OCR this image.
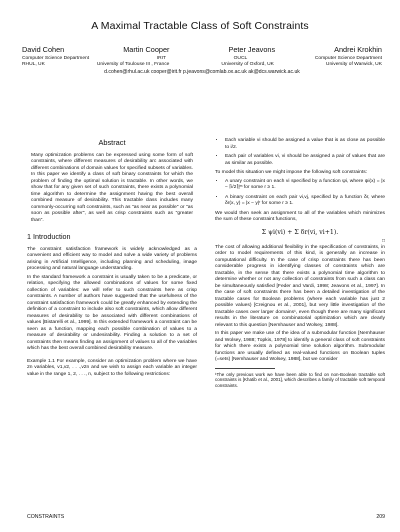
A Maximal Tractable Class of Soft Constraints
David Cohen	Martin Cooper	Peter Jeavons	Andrei Krokhin
Computer Science Department	IRIT	OUCL	Computer Science Department
RHUL, UK	University of Toulouse III , France	University of Oxford, UK	University of Warwick, UK
d.cohen@rhul.ac.uk cooper@irit.fr p.jeavons@comlab.ox.ac.uk ak@dcs.warwick.ac.uk
Abstract

Many optimization problems can be expressed using some form of soft constraints, where different measures of desirability arc associated with different combinations of domain values for specified subsets of variables. In this paper we identify a class of soft binary constraints for which the problem of finding the optimal solution is tractable. In other words, we show that for any given set of such constraints, there exists a polynomial time algorithm to determine the assignment having the best overall combined measure of desirability. This tractable class includes many commonly-occurring soft constraints, such as "as near as possible" or "as soon as possible after", as well as crisp constraints such as "greater than".

1 Introduction

The constraint satisfaction framework is widely acknowledged as a convenient and efficient way to model and solve a wide variety of problems arising in Artificial Intelligence, including planning and scheduling, image processing and natural language understanding.

In the standard framework a constraint is usually taken to be a predicate, or relation, specifying the allowed combinations of values for some fixed collection of variables: we will refer to such constraints here as crisp constraints. A number of authors have suggested that the usefulness of the constraint satisfaction framework could be greatly enhanced by extending the definition of a constraint to include also soft constraints, which allow different measures of desirability to be associated with different combinations of values [Bistarelli et al., 1999]. In this extended framework a constraint can be seen as a function, mapping each possible combination of values to a measure of desirability or undesirability. Finding a solution to a set of constraints then means finding an assignment of values to all of the variables which has the best overall combined desirability measure.

Example 1.1 For example, consider an optimization problem where we have 2n variables, v1,v2, . . .,v2n and we wish to assign each variable an integer value in the range 1, 2, . . ., n, subject to the following restrictions:

• Each variable vi should be assigned a value that is as close as possible to i/2.
• Each pair of variables vi, vi should be assigned a pair of values that are as similar as possible.

To model this situation we might impose the following soft constraints:

• A unary constraint on each vi specified by a function ψi, where ψi(x) = |x − ⌈i/2⌉|ᵐ for some r ≥ 1.
• A binary constraint on each pair vi,vj, specified by a function δr, where δr(x, y) = |x − y|ʳ for some r ≥ 1.

We would then seek an assignment to all of the variables which minimizes the sum of these constraint functions,

Σ ψi(vi) + Σ δr(vi, vi+1).
□

The cost of allowing additional flexibility in the specification of constraints, in order to model requirements of this kind, is generally an increase in computational difficulty. In the case of crisp constraints there has been considerable progress in identifying classes of constraints which are tractable, in the sense that there exists a polynomial time algorithm to determine whether or not any collection of constraints from such a class can be simultaneously satisfied [Feder and Vardi, 1998; Jeavons et al., 1997]. In the case of soft constraints there has been a detailed investigation of the tractable cases for Boolean problems (where each variable has just 2 possible values) [Creignou et al., 2001], but very little investigation of the tractable cases over larger domains¹, even though there are many significant results in the literature on combinatorial optimization which are clearly relevant to this question [Nemhauser and Wolsey, 1988].

In this paper we make use of the idea of a submodular function [Nemhauser and Wolsey, 1988; Topkis, 1978] to identify a general class of soft constraints for which there exists a polynomial time solution algorithm. Submodular functions are usually defined as real-valued functions on Boolean tuples (=sets) [Nemhauser and Wolsey, 1988], but we consider

¹The only previous work we have been able to find on non-Boolean tractable soft constraints is [Khatib et al., 2001], which describes a family of tractable soft temporal constraints.
CONSTRAINTS	209
